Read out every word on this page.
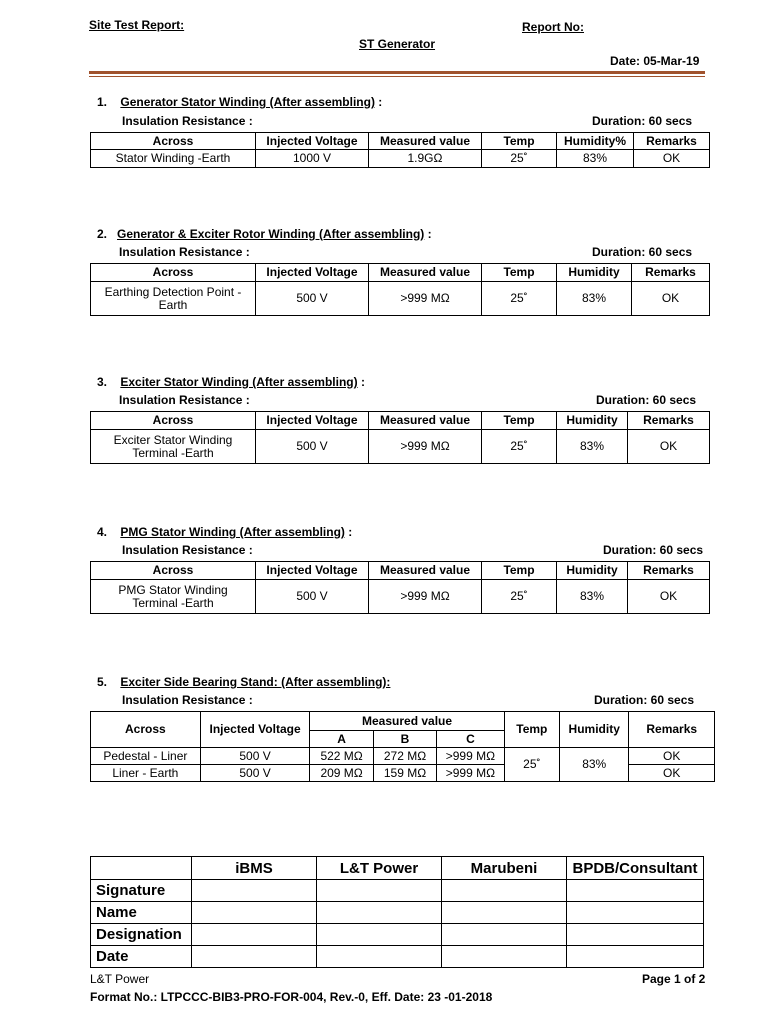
Site Test Report:	Report No:
ST Generator
Date: 05-Mar-19
1. Generator Stator Winding (After assembling) :
Insulation Resistance :	Duration: 60 secs
Across	Injected Voltage	Measured value	Temp	Humidity%	Remarks
Stator Winding -Earth	1000 V	1.9GΩ	25˚	83%	OK
2. Generator & Exciter Rotor Winding (After assembling) :
Insulation Resistance :	Duration: 60 secs
Across	Injected Voltage	Measured value	Temp	Humidity	Remarks
Earthing Detection Point -
Earth	500 V	>999 MΩ	25˚	83%	OK
3. Exciter Stator Winding (After assembling) :
Insulation Resistance :	Duration: 60 secs
Across	Injected Voltage	Measured value	Temp	Humidity	Remarks
Exciter Stator Winding
Terminal -Earth	500 V	>999 MΩ	25˚	83%	OK
4. PMG Stator Winding (After assembling) :
Insulation Resistance :	Duration: 60 secs
Across	Injected Voltage	Measured value	Temp	Humidity	Remarks
PMG Stator Winding
Terminal -Earth	500 V	>999 MΩ	25˚	83%	OK
5. Exciter Side Bearing Stand: (After assembling):
Insulation Resistance :	Duration: 60 secs
Across	Injected Voltage	Measured value			Temp	Humidity	Remarks
		A	B	C			
Pedestal - Liner	500 V	522 MΩ	272 MΩ	>999 MΩ	25˚	83%	OK
Liner - Earth	500 V	209 MΩ	159 MΩ	>999 MΩ			OK
	iBMS	L&T Power	Marubeni	BPDB/Consultant
Signature				
Name				
Designation				
Date				
L&T Power	Page 1 of 2
Format No.: LTPCCC-BIB3-PRO-FOR-004, Rev.-0, Eff. Date: 23 -01-2018
